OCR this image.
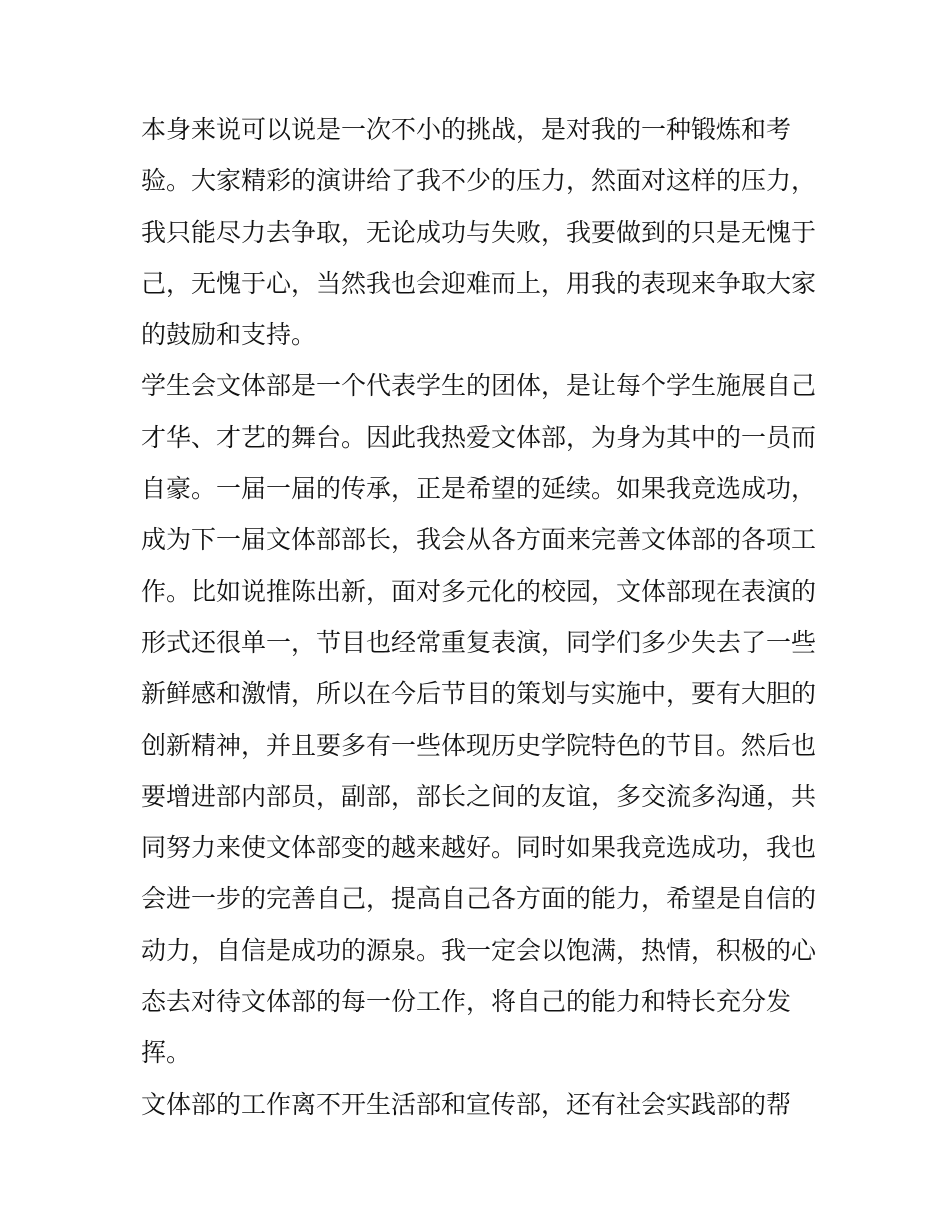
本身来说可以说是一次不小的挑战，是对我的一种锻炼和考
验。大家精彩的演讲给了我不少的压力，然面对这样的压力，
我只能尽力去争取，无论成功与失败，我要做到的只是无愧于
己，无愧于心，当然我也会迎难而上，用我的表现来争取大家
的鼓励和支持。
学生会文体部是一个代表学生的团体，是让每个学生施展自己
才华、才艺的舞台。因此我热爱文体部，为身为其中的一员而
自豪。一届一届的传承，正是希望的延续。如果我竞选成功，
成为下一届文体部部长，我会从各方面来完善文体部的各项工
作。比如说推陈出新，面对多元化的校园，文体部现在表演的
形式还很单一，节目也经常重复表演，同学们多少失去了一些
新鲜感和激情，所以在今后节目的策划与实施中，要有大胆的
创新精神，并且要多有一些体现历史学院特色的节目。然后也
要增进部内部员，副部，部长之间的友谊，多交流多沟通，共
同努力来使文体部变的越来越好。同时如果我竞选成功，我也
会进一步的完善自己，提高自己各方面的能力，希望是自信的
动力，自信是成功的源泉。我一定会以饱满，热情，积极的心
态去对待文体部的每一份工作，将自己的能力和特长充分发
挥。
文体部的工作离不开生活部和宣传部，还有社会实践部的帮
